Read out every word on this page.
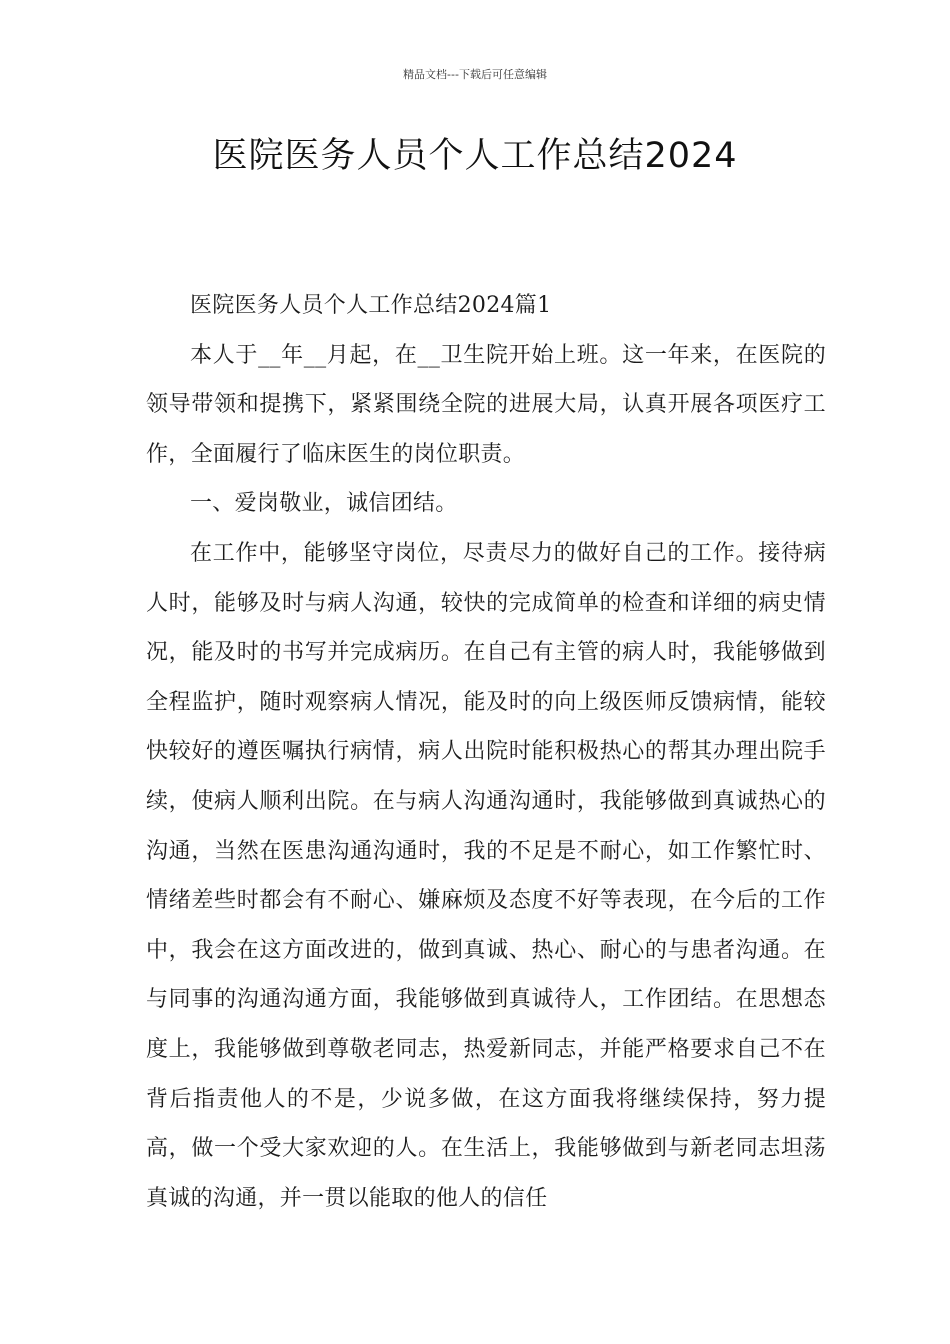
精品文档---下载后可任意编辑
医院医务人员个人工作总结2024

医院医务人员个人工作总结2024篇1

本人于__年__月起，在__卫生院开始上班。这一年来，在医院的领导带领和提携下，紧紧围绕全院的进展大局，认真开展各项医疗工作，全面履行了临床医生的岗位职责。

一、爱岗敬业，诚信团结。

在工作中，能够坚守岗位，尽责尽力的做好自己的工作。接待病人时，能够及时与病人沟通，较快的完成简单的检查和详细的病史情况，能及时的书写并完成病历。在自己有主管的病人时，我能够做到全程监护，随时观察病人情况，能及时的向上级医师反馈病情，能较快较好的遵医嘱执行病情，病人出院时能积极热心的帮其办理出院手续，使病人顺利出院。在与病人沟通沟通时，我能够做到真诚热心的沟通，当然在医患沟通沟通时，我的不足是不耐心，如工作繁忙时、情绪差些时都会有不耐心、嫌麻烦及态度不好等表现，在今后的工作中，我会在这方面改进的，做到真诚、热心、耐心的与患者沟通。在与同事的沟通沟通方面，我能够做到真诚待人，工作团结。在思想态度上，我能够做到尊敬老同志，热爱新同志，并能严格要求自己不在背后指责他人的不是，少说多做，在这方面我将继续保持，努力提高，做一个受大家欢迎的人。在生活上，我能够做到与新老同志坦荡真诚的沟通，并一贯以能取的他人的信任
